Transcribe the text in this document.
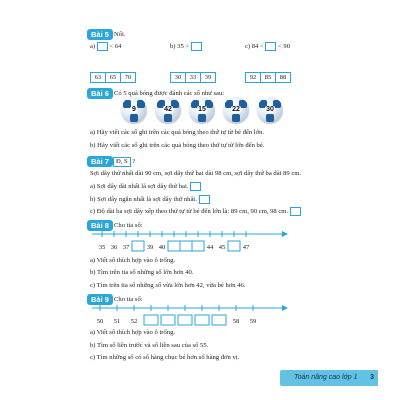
Bài 5 Nối.
a) < 64	b) 35 >	c) 84 < < 90
63	65	70	30	33	39	92	85	88
Bài 6 Có 5 quả bóng được đánh các số như sau:
9	42	15	22	30
a) Hãy viết các số ghi trên các quả bóng theo thứ tự từ bé đến lớn.
b) Hãy viết các số ghi trên các quả bóng theo thứ tự từ lớn đến bé.
Bài 7	Đ, S ?
Sợi dây thứ nhất dài 90 cm, sợi dây thứ hai dài 98 cm, sợi dây thứ ba dài 89 cm.
a) Sợi dây dài nhất là sợi dây thứ hai.
b) Sợi dây ngắn nhất là sợi dây thứ nhất.
c) Độ dài ba sợi dây xếp theo thứ tự từ bé đến lớn là: 89 cm, 90 cm, 98 cm.
Bài 8 Cho tia số:
35 36 37	39 40	44 45	47
a) Viết số thích hợp vào ô trống.
b) Tìm trên tia số những số lớn hơn 40.
c) Tìm trên tia số những số vừa lớn hơn 42, vừa bé hơn 46.
Bài 9 Cho tia số:
50 51 52	58 59
a) Viết số thích hợp vào ô trống.
b) Tìm số liền trước và số liền sau của số 55.
c) Tìm những số có số hàng chục bé hơn số hàng đơn vị.
Toán nâng cao lớp 1 3
